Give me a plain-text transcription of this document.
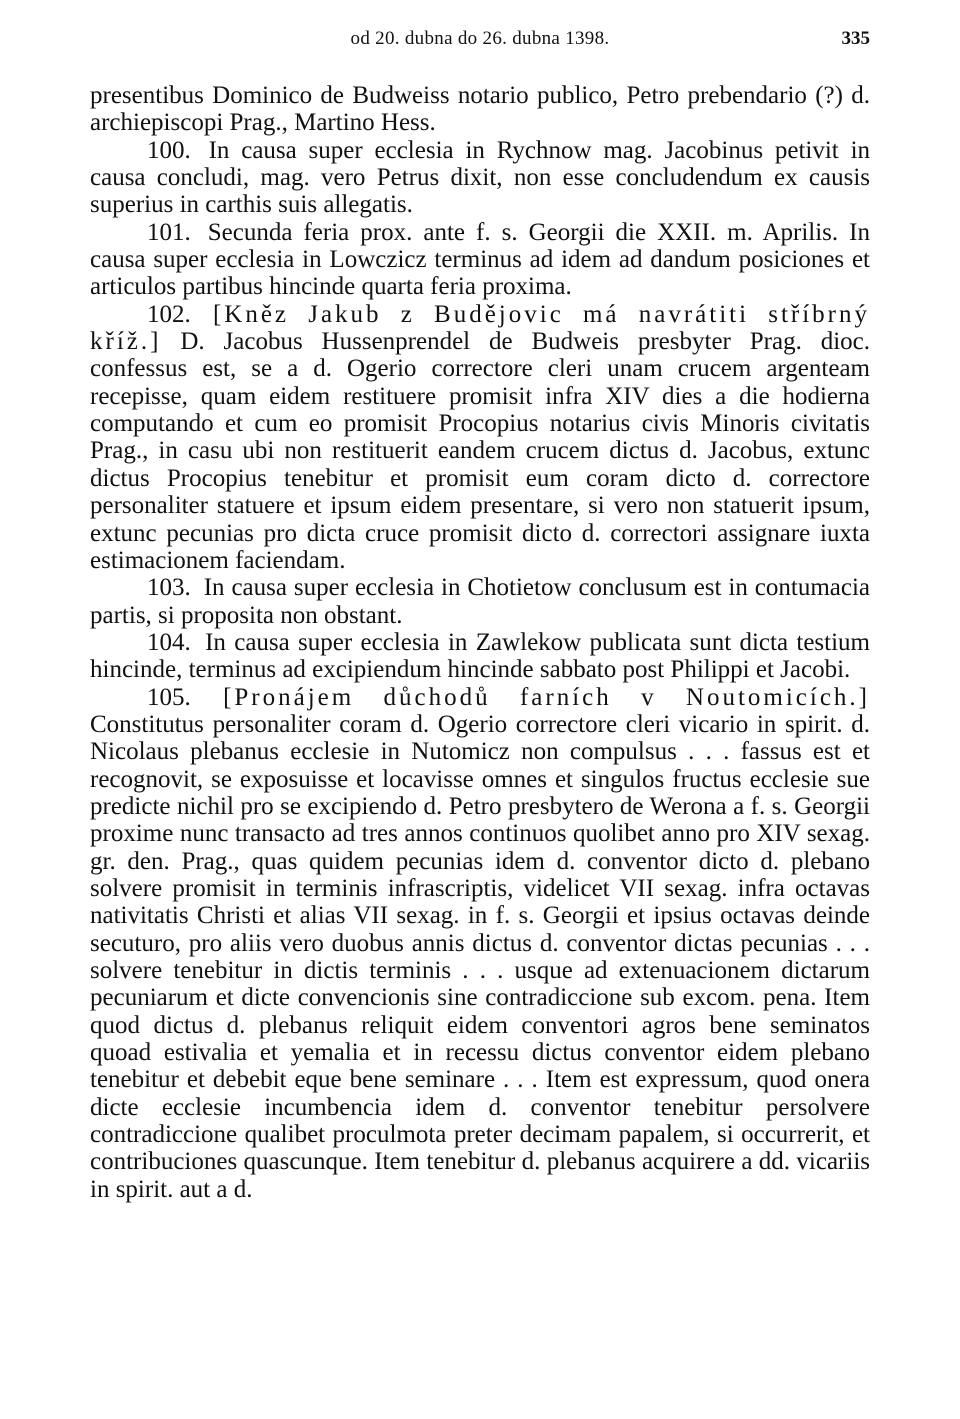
od 20. dubna do 26. dubna 1398.	335

presentibus Dominico de Budweiss notario publico, Petro prebendario (?) d. archiepiscopi Prag., Martino Hess.

100. In causa super ecclesia in Rychnow mag. Jacobinus petivit in causa concludi, mag. vero Petrus dixit, non esse concludendum ex causis superius in carthis suis allegatis.

101. Secunda feria prox. ante f. s. Georgii die XXII. m. Aprilis. In causa super ecclesia in Lowczicz terminus ad idem ad dandum posiciones et articulos partibus hincinde quarta feria proxima.

102. [Kněz Jakub z Budějovic má navrátiti stříbrný kříž.] D. Jacobus Hussenprendel de Budweis presbyter Prag. dioc. confessus est, se a d. Ogerio correctore cleri unam crucem argenteam recepisse, quam eidem restituere promisit infra XIV dies a die hodierna computando et cum eo promisit Procopius notarius civis Minoris civitatis Prag., in casu ubi non restituerit eandem crucem dictus d. Jacobus, extunc dictus Procopius tenebitur et promisit eum coram dicto d. correctore personaliter statuere et ipsum eidem presentare, si vero non statuerit ipsum, extunc pecunias pro dicta cruce promisit dicto d. correctori assignare iuxta estimacionem faciendam.

103. In causa super ecclesia in Chotietow conclusum est in contumacia partis, si proposita non obstant.

104. In causa super ecclesia in Zawlekow publicata sunt dicta testium hincinde, terminus ad excipiendum hincinde sabbato post Philippi et Jacobi.

105. [Pronájem důchodů farních v Noutomicích.] Constitutus personaliter coram d. Ogerio correctore cleri vicario in spirit. d. Nicolaus plebanus ecclesie in Nutomicz non compulsus . . . fassus est et recognovit, se exposuisse et locavisse omnes et singulos fructus ecclesie sue predicte nichil pro se excipiendo d. Petro presbytero de Werona a f. s. Georgii proxime nunc transacto ad tres annos continuos quolibet anno pro XIV sexag. gr. den. Prag., quas quidem pecunias idem d. conventor dicto d. plebano solvere promisit in terminis infrascriptis, videlicet VII sexag. infra octavas nativitatis Christi et alias VII sexag. in f. s. Georgii et ipsius octavas deinde secuturo, pro aliis vero duobus annis dictus d. conventor dictas pecunias . . . solvere tenebitur in dictis terminis . . . usque ad extenuacionem dictarum pecuniarum et dicte convencionis sine contradiccione sub excom. pena. Item quod dictus d. plebanus reliquit eidem conventori agros bene seminatos quoad estivalia et yemalia et in recessu dictus conventor eidem plebano tenebitur et debebit eque bene seminare . . . Item est expressum, quod onera dicte ecclesie incumbencia idem d. conventor tenebitur persolvere contradiccione qualibet proculmota preter decimam papalem, si occurrerit, et contribuciones quascunque. Item tenebitur d. plebanus acquirere a dd. vicariis in spirit. aut a d.
